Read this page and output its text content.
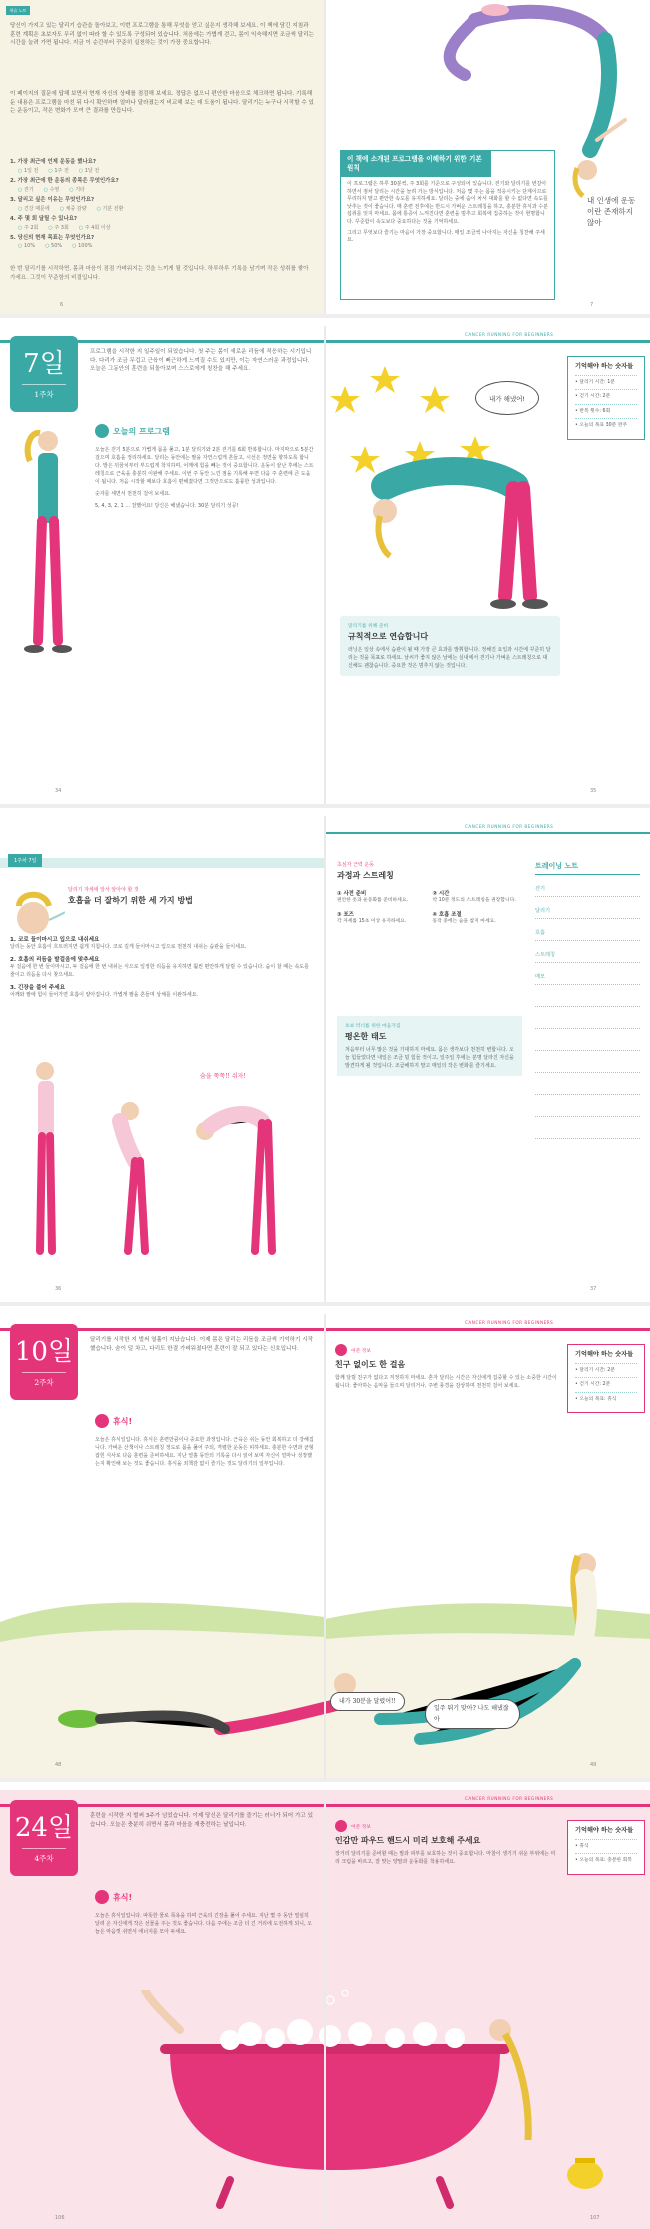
학습 노트
당신이 가지고 있는 달리기 습관을 돌아보고, 이번 프로그램을 통해 무엇을 얻고 싶은지 생각해 보세요. 이 책에 담긴 지침과 훈련 계획은 초보자도 무리 없이 따라 할 수 있도록 구성되어 있습니다. 처음에는 가볍게 걷고, 몸이 익숙해지면 조금씩 달리는 시간을 늘려 가면 됩니다. 지금 이 순간부터 꾸준히 실천하는 것이 가장 중요합니다.
이 페이지의 질문에 답해 보면서 현재 자신의 상태를 점검해 보세요. 정답은 없으니 편안한 마음으로 체크하면 됩니다. 기록해 둔 내용은 프로그램을 마친 뒤 다시 확인하며 얼마나 달라졌는지 비교해 보는 데 도움이 됩니다. 달리기는 누구나 시작할 수 있는 운동이고, 작은 변화가 모여 큰 결과를 만듭니다.
1. 가장 최근에 언제 운동을 했나요?
○ 1일 전	○ 1주 전	○ 1달 전
2. 가장 최근에 한 운동의 종목은 무엇인가요?
○ 걷기	○ 수영	○ 기타
3. 달리고 싶은 이유는 무엇인가요?
○ 건강 때문에	○ 체중 감량	○ 기분 전환
4. 주 몇 회 달릴 수 있나요?
○ 주 2회	○ 주 3회	○ 주 4회 이상
5. 당신의 현재 목표는 무엇인가요?
○ 10%	○ 50%	○ 100%
한 번 달리기를 시작하면, 몸과 마음이 점점 가벼워지는 것을 느끼게 될 것입니다. 하루하루 기록을 남기며 작은 성취를 쌓아 가세요. 그것이 꾸준함의 비결입니다.
6
내 인생에 운동이란 존재하지 않아
이 책에 소개된 프로그램을 이해하기 위한 기본 원칙
이 프로그램은 하루 30분씩, 주 3회를 기준으로 구성되어 있습니다. 걷기와 달리기를 번갈아 하면서 점차 달리는 시간을 늘려 가는 방식입니다. 처음 몇 주는 몸을 적응시키는 단계이므로 무리하지 말고 편안한 속도를 유지하세요. 달리는 중에 숨이 차서 대화를 할 수 없다면 속도를 낮추는 것이 좋습니다. 매 훈련 전후에는 반드시 가벼운 스트레칭을 하고, 충분한 휴식과 수분 섭취를 잊지 마세요. 몸에 통증이 느껴진다면 훈련을 멈추고 회복에 집중하는 것이 현명합니다. 꾸준함이 속도보다 중요하다는 것을 기억하세요.
그리고 무엇보다 즐기는 마음이 가장 중요합니다. 매일 조금씩 나아지는 자신을 칭찬해 주세요.
7
7일
1주차
프로그램을 시작한 지 일주일이 되었습니다. 첫 주는 몸이 새로운 리듬에 적응하는 시기입니다. 다리가 조금 무겁고 근육이 뻐근하게 느껴질 수도 있지만, 이는 자연스러운 과정입니다. 오늘은 그동안의 훈련을 되돌아보며 스스로에게 칭찬을 해 주세요.
오늘의 프로그램
오늘은 걷기 5분으로 가볍게 몸을 풀고, 1분 달리기와 2분 걷기를 6회 반복합니다. 마지막으로 5분간 걸으며 호흡을 정리하세요. 달리는 동안에는 팔을 자연스럽게 흔들고, 시선은 정면을 향하도록 합니다. 발은 뒤꿈치부터 부드럽게 착지하며, 어깨에 힘을 빼는 것이 중요합니다. 운동이 끝난 후에는 스트레칭으로 근육을 충분히 이완해 주세요. 이번 주 동안 느낀 점을 기록해 두면 다음 주 훈련에 큰 도움이 됩니다. 처음 시작할 때보다 호흡이 편해졌다면 그것만으로도 훌륭한 성과입니다.
숫자를 세면서 천천히 걸어 보세요.
5, 4, 3, 2, 1 ... 잘했어요! 당신은 해냈습니다. 30분 달리기 성공!
34
CANCER RUNNING FOR BEGINNERS
내가 해냈어!
달리기를 위해 준비
규칙적으로 연습합니다
러닝은 일상 속에서 습관이 될 때 가장 큰 효과를 발휘합니다. 정해진 요일과 시간에 꾸준히 달리는 것을 목표로 하세요. 날씨가 좋지 않은 날에는 실내에서 걷기나 가벼운 스트레칭으로 대신해도 괜찮습니다. 중요한 것은 멈추지 않는 것입니다.
기억해야 하는 숫자들
• 달리기 시간: 1분
• 걷기 시간: 2분
• 반복 횟수: 6회
• 오늘의 목표 30분 완주
35
1주차 7일
달리기 자세에 앞서 알아야 할 것
호흡을 더 잘하기 위한 세 가지 방법
1. 코로 들이마시고 입으로 내쉬세요
달리는 동안 호흡이 흐트러지면 쉽게 지칩니다. 코로 깊게 들이마시고 입으로 천천히 내쉬는 습관을 들이세요.
2. 호흡의 리듬을 발걸음에 맞추세요
두 걸음에 한 번 들이마시고, 두 걸음에 한 번 내쉬는 식으로 일정한 리듬을 유지하면 훨씬 편안하게 달릴 수 있습니다. 숨이 찰 때는 속도를 줄이고 리듬을 다시 찾으세요.
3. 긴장을 풀어 주세요
어깨와 팔에 힘이 들어가면 호흡이 얕아집니다. 가볍게 팔을 흔들며 상체를 이완하세요.
숨을 쭉쭉!! 쉬자!
36
CANCER RUNNING FOR BEGINNERS
초심자 근력 운동
과정과 스트레칭
① 사전 준비
편안한 옷과 운동화를 준비하세요.
② 시간
약 10분 정도의 스트레칭을 권장합니다.
③ 포즈
각 자세를 15초 이상 유지하세요.
④ 호흡 조절
동작 중에는 숨을 참지 마세요.
초보 러너를 위한 마음가짐
평온한 태도
처음부터 너무 많은 것을 기대하지 마세요. 몸은 생각보다 천천히 변합니다. 오늘 힘들었다면 내일은 조금 덜 힘들 것이고, 일주일 후에는 분명 달라진 자신을 발견하게 될 것입니다. 조급해하지 말고 매일의 작은 변화를 즐기세요.
트레이닝 노트
걷기
달리기
호흡
스트레칭
메모
37
10일
2주차
달리기를 시작한 지 벌써 열흘이 지났습니다. 이제 몸은 달리는 리듬을 조금씩 기억하기 시작했습니다. 숨이 덜 차고, 다리도 한결 가벼워졌다면 훈련이 잘 되고 있다는 신호입니다.
휴식!
오늘은 휴식일입니다. 휴식은 훈련만큼이나 중요한 과정입니다. 근육은 쉬는 동안 회복하고 더 강해집니다. 가벼운 산책이나 스트레칭 정도로 몸을 풀어 주되, 격렬한 운동은 피하세요. 충분한 수면과 균형 잡힌 식사로 다음 훈련을 준비하세요. 지난 열흘 동안의 기록을 다시 읽어 보며 자신이 얼마나 성장했는지 확인해 보는 것도 좋습니다. 휴식을 죄책감 없이 즐기는 것도 달리기의 일부입니다.
48
CANCER RUNNING FOR BEGINNERS
여분 정보
친구 없이도 한 걸음
함께 달릴 친구가 없다고 걱정하지 마세요. 혼자 달리는 시간은 자신에게 집중할 수 있는 소중한 시간이 됩니다. 좋아하는 음악을 들으며 달리거나, 주변 풍경을 감상하며 천천히 걸어 보세요.
기억해야 하는 숫자들
• 달리기 시간: 2분
• 걷기 시간: 2분
• 오늘의 목표: 휴식
49
내가 30분을 달렸어!!
일주 뛰기 맞아? 나도 해냈잖아
24일
4주차
훈련을 시작한 지 벌써 3주가 넘었습니다. 이제 당신은 달리기를 즐기는 러너가 되어 가고 있습니다. 오늘은 충분히 쉬면서 몸과 마음을 재충전하는 날입니다.
휴식!
오늘은 휴식일입니다. 따뜻한 물로 목욕을 하며 근육의 긴장을 풀어 주세요. 지난 몇 주 동안 열심히 달려 온 자신에게 작은 선물을 주는 것도 좋습니다. 다음 주에는 조금 더 긴 거리에 도전하게 되니, 오늘은 마음껏 쉬면서 에너지를 모아 두세요.
106
CANCER RUNNING FOR BEGINNERS
여분 정보
인감만 파우드 핸드시 미리 보호해 주세요
장거리 달리기를 준비할 때는 발과 피부를 보호하는 것이 중요합니다. 마찰이 생기기 쉬운 부위에는 미리 크림을 바르고, 잘 맞는 양말과 운동화를 착용하세요.
기억해야 하는 숫자들
• 휴식
• 오늘의 목표: 충분한 회복
107
